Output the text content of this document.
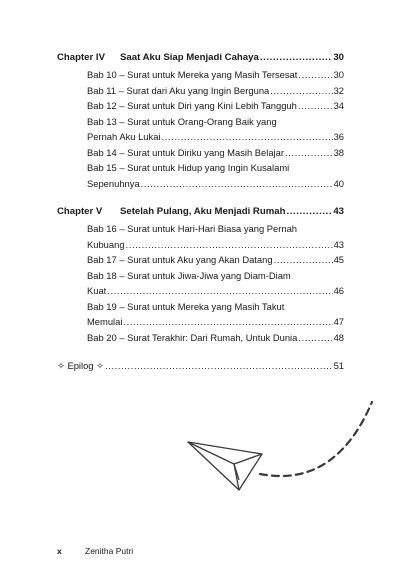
Chapter IV	Saat Aku Siap Menjadi Cahaya .....	30
Bab 10 – Surat untuk Mereka yang Masih Tersesat .....	30
Bab 11 – Surat dari Aku yang Ingin Berguna .....	32
Bab 12 – Surat untuk Diri yang Kini Lebih Tangguh .....	34
Bab 13 – Surat untuk Orang-Orang Baik yang
Pernah Aku Lukai .....	36
Bab 14 – Surat untuk Diriku yang Masih Belajar .....	38
Bab 15 – Surat untuk Hidup yang Ingin Kusalami
Sepenuhnya .....	40
Chapter V	Setelah Pulang, Aku Menjadi Rumah .....	43
Bab 16 – Surat untuk Hari-Hari Biasa yang Pernah
Kubuang .....	43
Bab 17 – Surat untuk Aku yang Akan Datang .....	45
Bab 18 – Surat untuk Jiwa-Jiwa yang Diam-Diam
Kuat .....	46
Bab 19 – Surat untuk Mereka yang Masih Takut
Memulai .....	47
Bab 20 – Surat Terakhir: Dari Rumah, Untuk Dunia .....	48
✧ Epilog ✧ .....	51
x	Zenitha Putri
